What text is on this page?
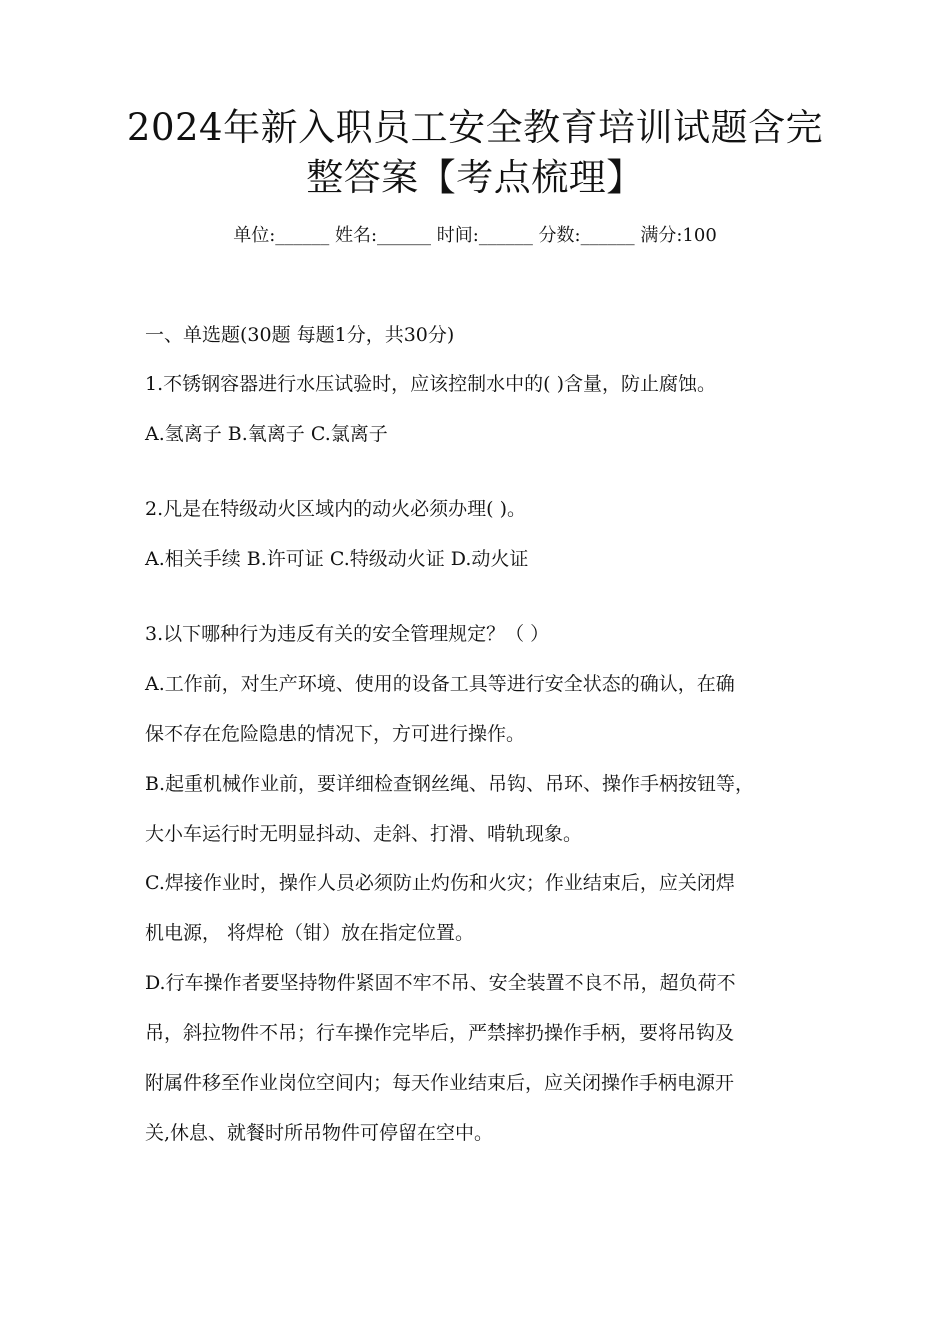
2024年新入职员工安全教育培训试题含完
整答案【考点梳理】
单位:______ 姓名:______ 时间:______ 分数:______ 满分:100
一、单选题(30题 每题1分，共30分)
1.不锈钢容器进行水压试验时，应该控制水中的( )含量，防止腐蚀。
A.氢离子 B.氧离子 C.氯离子
2.凡是在特级动火区域内的动火必须办理( )。
A.相关手续 B.许可证 C.特级动火证 D.动火证
3.以下哪种行为违反有关的安全管理规定？（ ）
A.工作前，对生产环境、使用的设备工具等进行安全状态的确认，在确
保不存在危险隐患的情况下，方可进行操作。
B.起重机械作业前，要详细检查钢丝绳、吊钩、吊环、操作手柄按钮等，
大小车运行时无明显抖动、走斜、打滑、啃轨现象。
C.焊接作业时，操作人员必须防止灼伤和火灾；作业结束后，应关闭焊
机电源， 将焊枪（钳）放在指定位置。
D.行车操作者要坚持物件紧固不牢不吊、安全装置不良不吊，超负荷不
吊，斜拉物件不吊；行车操作完毕后，严禁摔扔操作手柄，要将吊钩及
附属件移至作业岗位空间内；每天作业结束后，应关闭操作手柄电源开
关,休息、就餐时所吊物件可停留在空中。
